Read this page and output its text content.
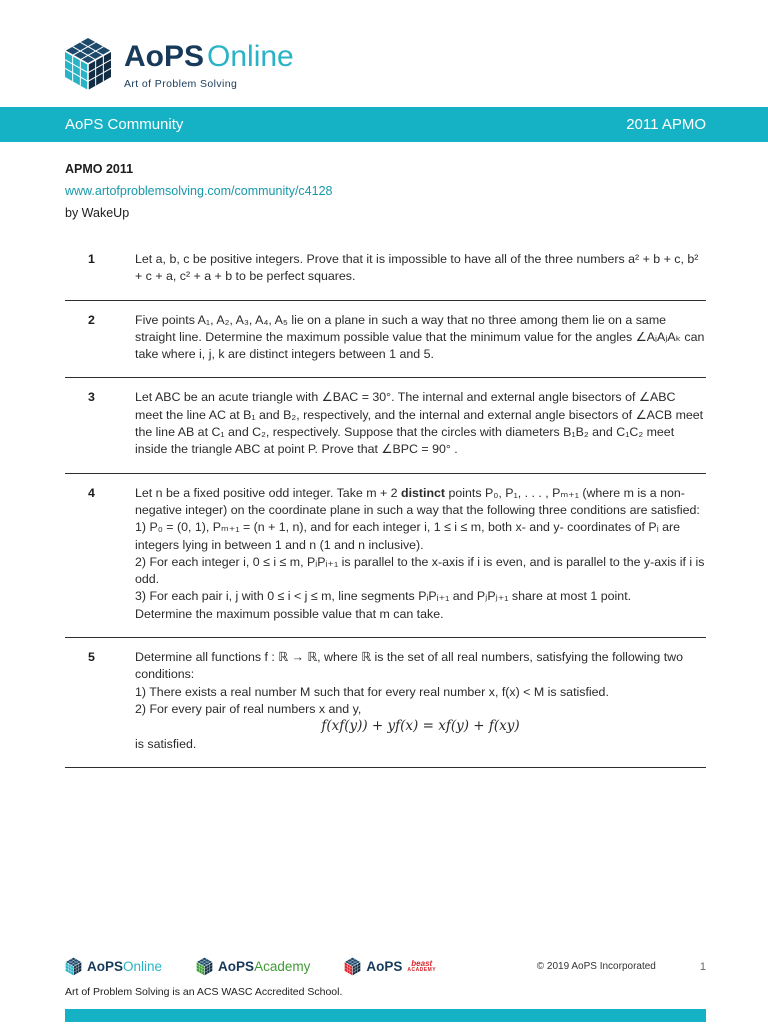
AoPS Online
Art of Problem Solving
AoPS Community	2011 APMO
APMO 2011
www.artofproblemsolving.com/community/c4128
by WakeUp
1	Let a, b, c be positive integers. Prove that it is impossible to have all of the three numbers a² + b + c, b² + c + a, c² + a + b to be perfect squares.

2	Five points A₁, A₂, A₃, A₄, A₅ lie on a plane in such a way that no three among them lie on a same straight line. Determine the maximum possible value that the minimum value for the angles ∠AᵢAⱼAₖ can take where i, j, k are distinct integers between 1 and 5.

3	Let ABC be an acute triangle with ∠BAC = 30°. The internal and external angle bisectors of ∠ABC meet the line AC at B₁ and B₂, respectively, and the internal and external angle bisectors of ∠ACB meet the line AB at C₁ and C₂, respectively. Suppose that the circles with diameters B₁B₂ and C₁C₂ meet inside the triangle ABC at point P. Prove that ∠BPC = 90° .

4	Let n be a fixed positive odd integer. Take m + 2 distinct points P₀, P₁, . . . , Pₘ₊₁ (where m is a non-negative integer) on the coordinate plane in such a way that the following three conditions are satisfied:

1) P₀ = (0, 1), Pₘ₊₁ = (n + 1, n), and for each integer i, 1 ≤ i ≤ m, both x- and y- coordinates of Pᵢ are integers lying in between 1 and n (1 and n inclusive).

2) For each integer i, 0 ≤ i ≤ m, PᵢPᵢ₊₁ is parallel to the x-axis if i is even, and is parallel to the y-axis if i is odd.

3) For each pair i, j with 0 ≤ i < j ≤ m, line segments PᵢPᵢ₊₁ and PⱼPⱼ₊₁ share at most 1 point.

Determine the maximum possible value that m can take.

5	Determine all functions f : ℝ → ℝ, where ℝ is the set of all real numbers, satisfying the following two conditions:

1) There exists a real number M such that for every real number x, f(x) < M is satisfied.

2) For every pair of real numbers x and y,

f(xf(y)) + yf(x) = xf(y) + f(xy)

is satisfied.

AoPSOnline	AoPSAcademy	AoPS	beast
ACADEMY	© 2019 AoPS Incorporated	1
Art of Problem Solving is an ACS WASC Accredited School.
